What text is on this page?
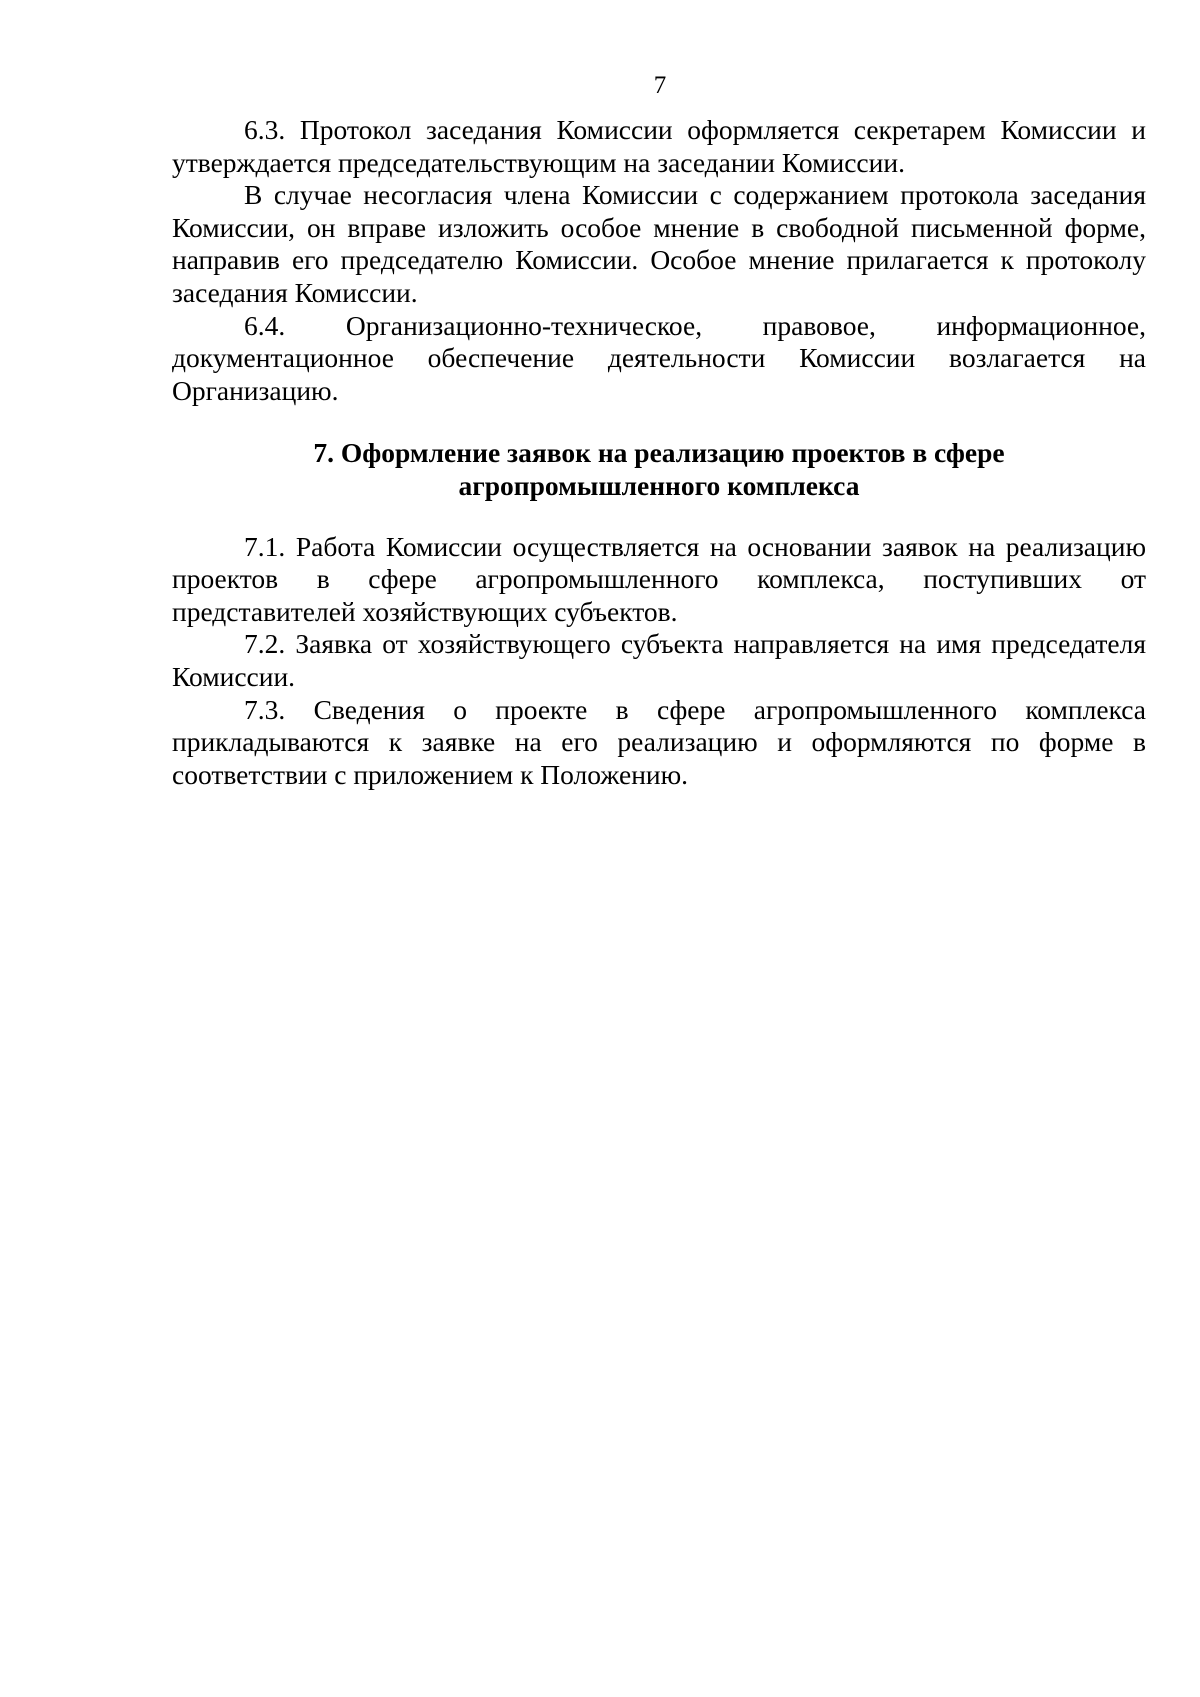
7

6.3. Протокол заседания Комиссии оформляется секретарем Комиссии и утверждается председательствующим на заседании Комиссии.

В случае несогласия члена Комиссии с содержанием протокола заседания Комиссии, он вправе изложить особое мнение в свободной письменной форме, направив его председателю Комиссии. Особое мнение прилагается к протоколу заседания Комиссии.

6.4. Организационно-техническое, правовое, информационное, документационное обеспечение деятельности Комиссии возлагается на Организацию.

7. Оформление заявок на реализацию проектов в сфере
агропромышленного комплекса

7.1. Работа Комиссии осуществляется на основании заявок на реализацию проектов в сфере агропромышленного комплекса, поступивших от представителей хозяйствующих субъектов.

7.2. Заявка от хозяйствующего субъекта направляется на имя председателя Комиссии.

7.3. Сведения о проекте в сфере агропромышленного комплекса прикладываются к заявке на его реализацию и оформляются по форме в соответствии с приложением к Положению.
